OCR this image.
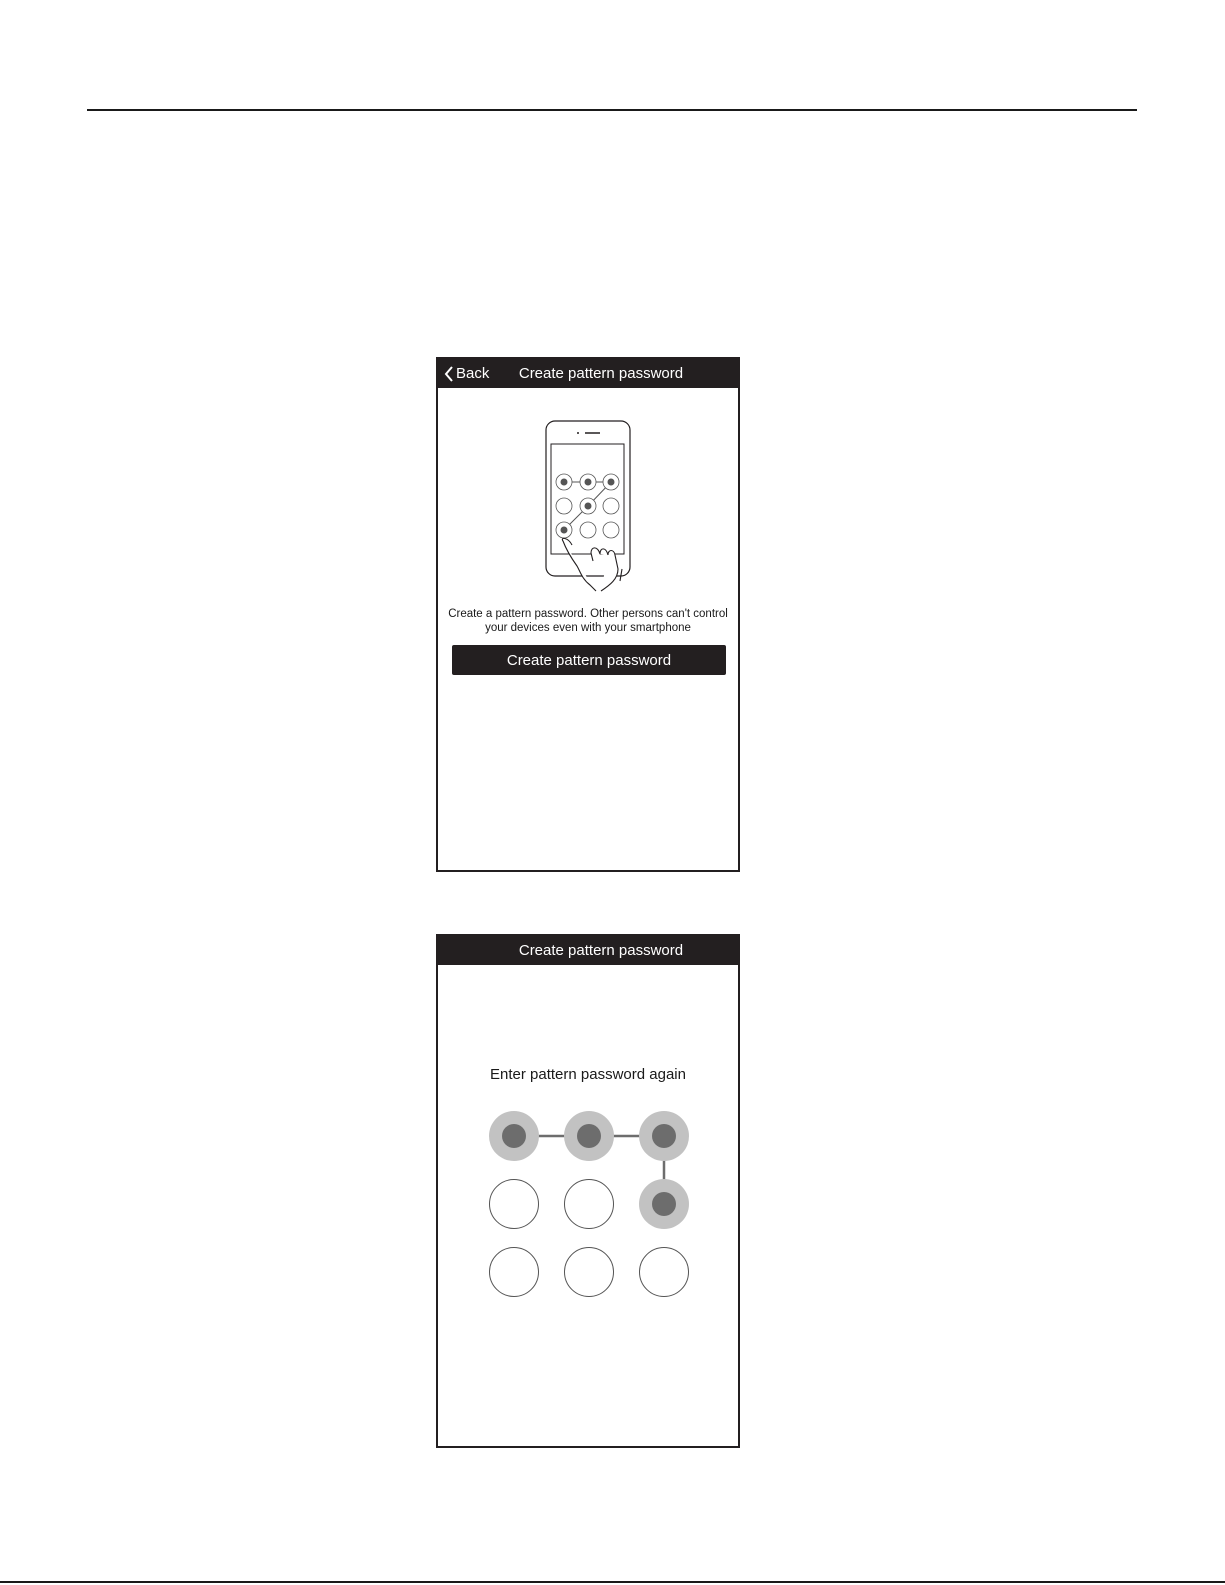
Back	Create pattern password
Create a pattern password. Other persons can't control
your devices even with your smartphone
Create pattern password
Create pattern password
Enter pattern password again
